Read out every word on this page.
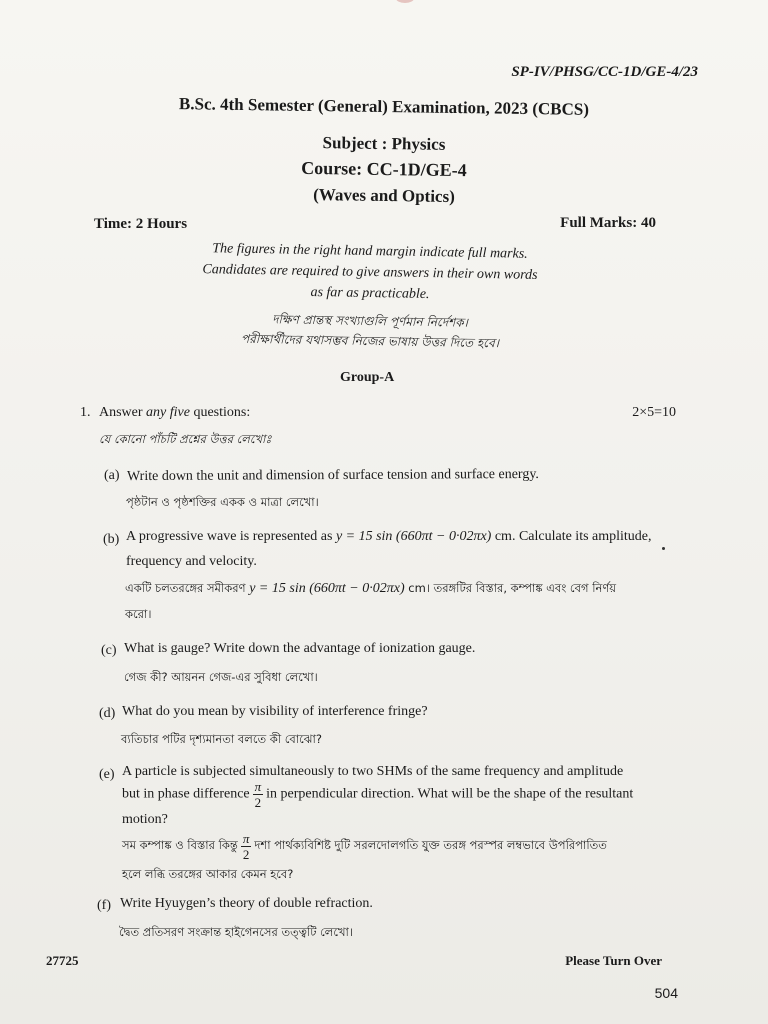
SP-IV/PHSG/CC-1D/GE-4/23
B.Sc. 4th Semester (General) Examination, 2023 (CBCS)
Subject : Physics
Course: CC-1D/GE-4
(Waves and Optics)
Time: 2 Hours	Full Marks: 40
The figures in the right hand margin indicate full marks.
Candidates are required to give answers in their own words
as far as practicable.
দক্ষিণ প্রান্তস্থ সংখ্যাগুলি পূর্ণমান নির্দেশক।
পরীক্ষার্থীদের যথাসম্ভব নিজের ভাষায় উত্তর দিতে হবে।
Group-A
1. Answer any five questions:	2×5=10
যে কোনো পাঁচটি প্রশ্নের উত্তর লেখোঃ
(a) Write down the unit and dimension of surface tension and surface energy.
পৃষ্ঠটান ও পৃষ্ঠশক্তির একক ও মাত্রা লেখো।
(b) A progressive wave is represented as y = 15 sin (660πt − 0·02πx) cm. Calculate its amplitude,
frequency and velocity.
একটি চলতরঙ্গের সমীকরণ y = 15 sin (660πt − 0·02πx) cm। তরঙ্গটির বিস্তার, কম্পাঙ্ক এবং বেগ নির্ণয়
করো।
(c) What is gauge? Write down the advantage of ionization gauge.
গেজ কী? আয়নন গেজ-এর সুবিধা লেখো।
(d) What do you mean by visibility of interference fringe?
ব্যতিচার পটির দৃশ্যমানতা বলতে কী বোঝো?
(e) A particle is subjected simultaneously to two SHMs of the same frequency and amplitude
but in phase difference $\frac{\pi}{2}$ in perpendicular direction. What will be the shape of the resultant
motion?
সম কম্পাঙ্ক ও বিস্তার কিন্তু $\frac{\pi}{2}$ দশা পার্থক্যবিশিষ্ট দুটি সরলদোলগতি যুক্ত তরঙ্গ পরস্পর লম্বভাবে উপরিপাতিত
হলে লব্ধি তরঙ্গের আকার কেমন হবে?
(f) Write Hyuygen’s theory of double refraction.
দ্বৈত প্রতিসরণ সংক্রান্ত হাইগেনসের তত্ত্বটি লেখো।
27725	Please Turn Over
504
